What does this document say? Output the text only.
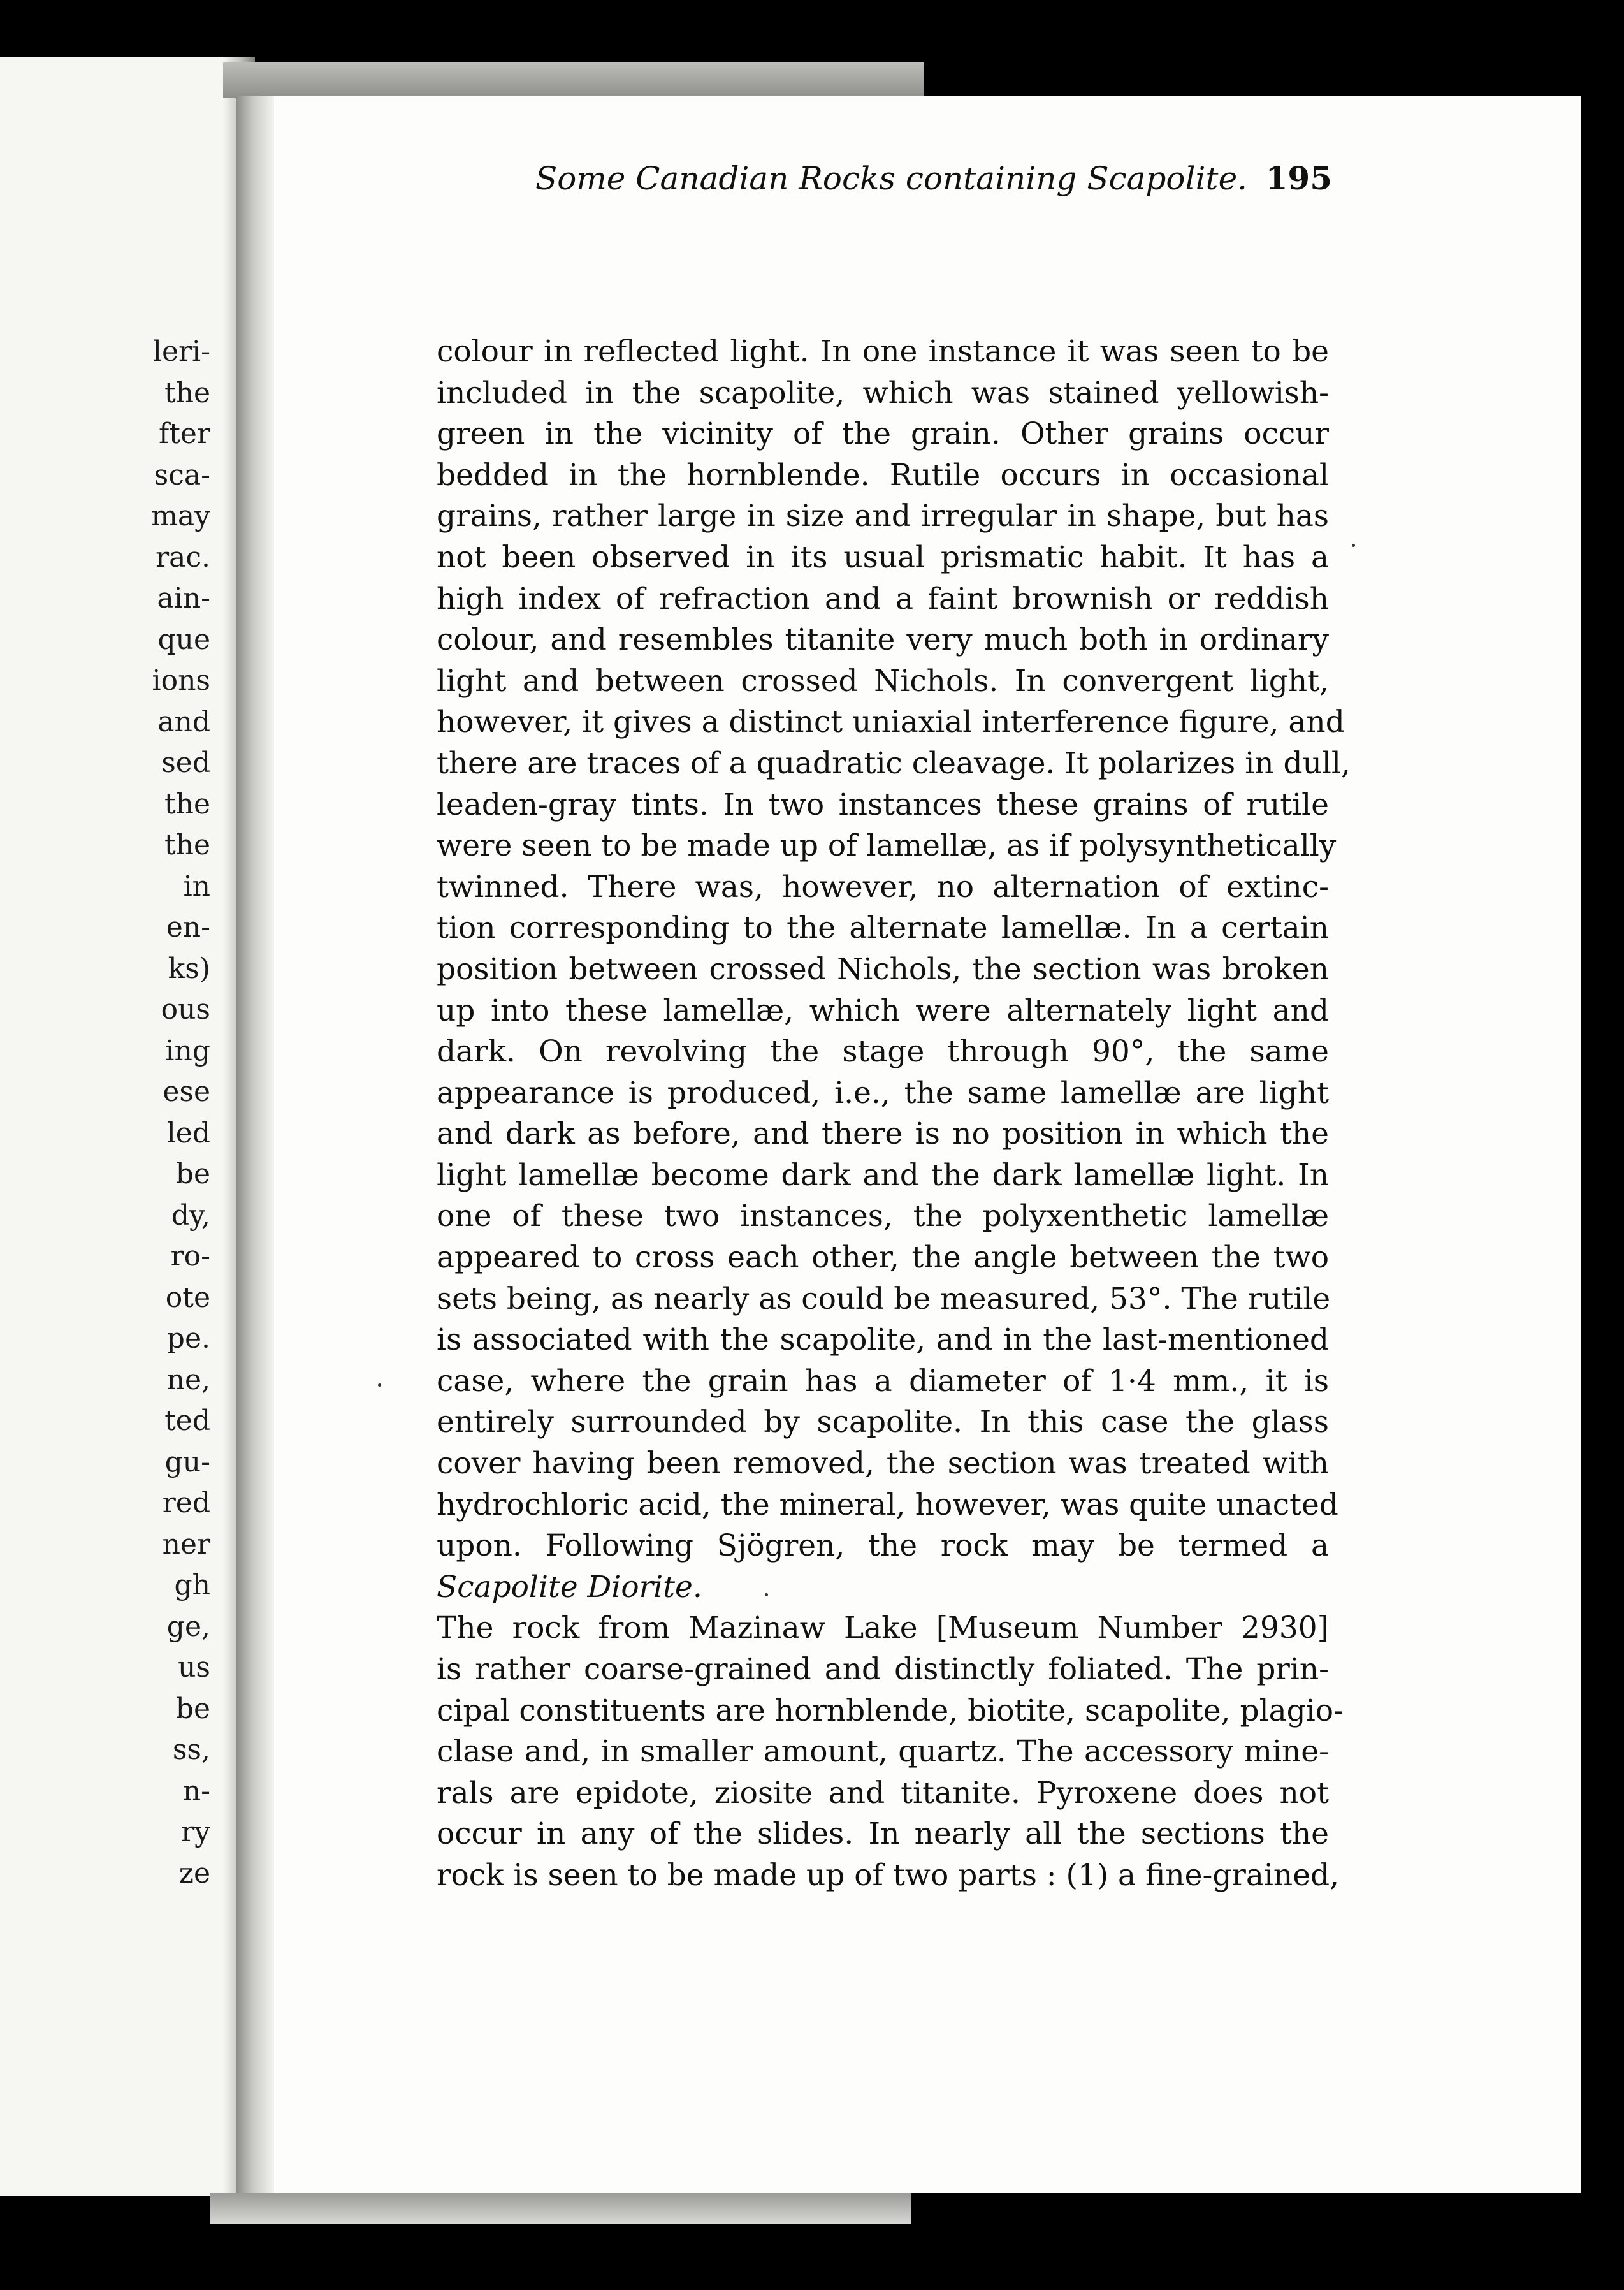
leri-
the
fter
sca-
may
rac.
ain-
que
ions
and
sed
the
the
in
en-
ks)
ous
ing
ese
led
be
dy,
ro-
ote
pe.
ne,
ted
gu-
red
ner
gh
ge,
us
be
ss,
n-
ry
ze
Some Canadian Rocks containing Scapolite. 195
colour in reflected light. In one instance it was seen to be
included in the scapolite, which was stained yellowish-
green in the vicinity of the grain. Other grains occur
bedded in the hornblende. Rutile occurs in occasional
grains, rather large in size and irregular in shape, but has
not been observed in its usual prismatic habit. It has a
high index of refraction and a faint brownish or reddish
colour, and resembles titanite very much both in ordinary
light and between crossed Nichols. In convergent light,
however, it gives a distinct uniaxial interference figure, and
there are traces of a quadratic cleavage. It polarizes in dull,
leaden-gray tints. In two instances these grains of rutile
were seen to be made up of lamellæ, as if polysynthetically
twinned. There was, however, no alternation of extinc-
tion corresponding to the alternate lamellæ. In a certain
position between crossed Nichols, the section was broken
up into these lamellæ, which were alternately light and
dark. On revolving the stage through 90°, the same
appearance is produced, i.e., the same lamellæ are light
and dark as before, and there is no position in which the
light lamellæ become dark and the dark lamellæ light. In
one of these two instances, the polyxenthetic lamellæ
appeared to cross each other, the angle between the two
sets being, as nearly as could be measured, 53°. The rutile
is associated with the scapolite, and in the last-mentioned
case, where the grain has a diameter of 1·4 mm., it is
entirely surrounded by scapolite. In this case the glass
cover having been removed, the section was treated with
hydrochloric acid, the mineral, however, was quite unacted
upon. Following Sjögren, the rock may be termed a
Scapolite Diorite.
The rock from Mazinaw Lake [Museum Number 2930]
is rather coarse-grained and distinctly foliated. The prin-
cipal constituents are hornblende, biotite, scapolite, plagio-
clase and, in smaller amount, quartz. The accessory mine-
rals are epidote, ziosite and titanite. Pyroxene does not
occur in any of the slides. In nearly all the sections the
rock is seen to be made up of two parts : (1) a fine-grained,
